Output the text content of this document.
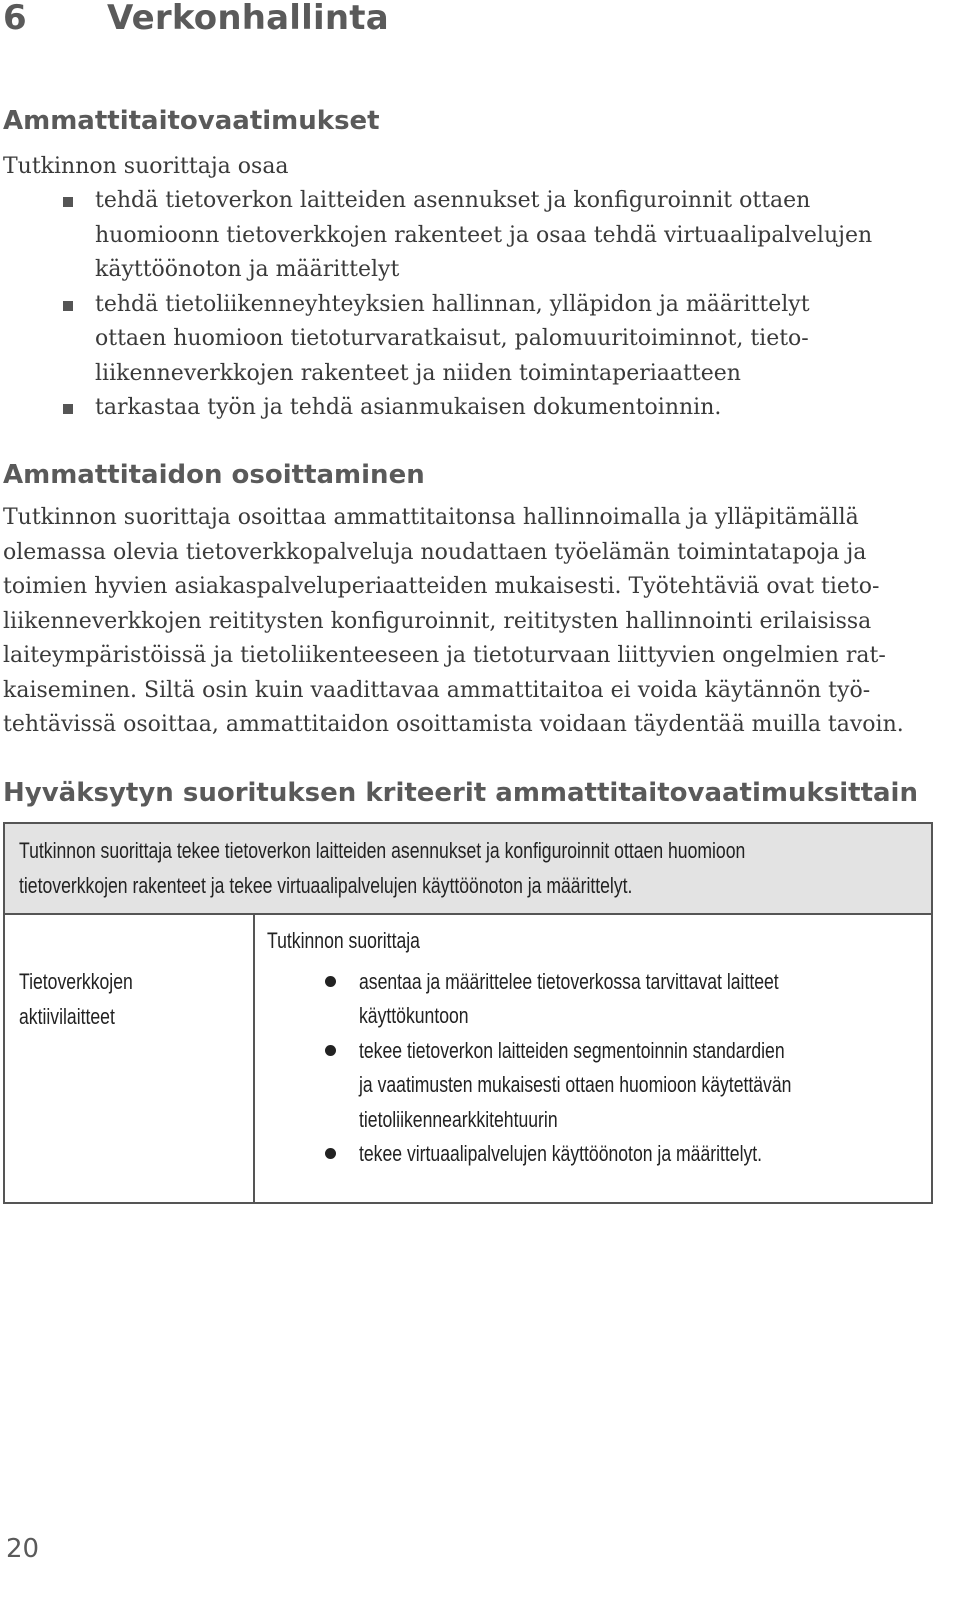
6 Verkonhallinta
Ammattitaitovaatimukset

Tutkinnon suorittaja osaa

tehdä tietoverkon laitteiden asennukset ja konfiguroinnit ottaen
huomioonn tietoverkkojen rakenteet ja osaa tehdä virtuaalipalvelujen
käyttöönoton ja määrittelyt
tehdä tietoliikenneyhteyksien hallinnan, ylläpidon ja määrittelyt
ottaen huomioon tietoturvaratkaisut, palomuuritoiminnot, tieto-
liikenneverkkojen rakenteet ja niiden toimintaperiaatteen
tarkastaa työn ja tehdä asianmukaisen dokumentoinnin.
Ammattitaidon osoittaminen

Tutkinnon suorittaja osoittaa ammattitaitonsa hallinnoimalla ja ylläpitämällä
olemassa olevia tietoverkkopalveluja noudattaen työelämän toimintatapoja ja
toimien hyvien asiakaspalveluperiaatteiden mukaisesti. Työtehtäviä ovat tieto-
liikenneverkkojen reititysten konfiguroinnit, reititysten hallinnointi erilaisissa
laiteympäristöissä ja tietoliikenteeseen ja tietoturvaan liittyvien ongelmien rat-
kaiseminen. Siltä osin kuin vaadittavaa ammattitaitoa ei voida käytännön työ-
tehtävissä osoittaa, ammattitaidon osoittamista voidaan täydentää muilla tavoin.

Hyväksytyn suorituksen kriteerit ammattitaitovaatimuksittain
Tutkinnon suorittaja tekee tietoverkon laitteiden asennukset ja konfiguroinnit ottaen huomioon
tietoverkkojen rakenteet ja tekee virtuaalipalvelujen käyttöönoton ja määrittelyt.
Tietoverkkojen
aktiivilaitteet
Tutkinnon suorittaja
asentaa ja määrittelee tietoverkossa tarvittavat laitteet
käyttökuntoon
tekee tietoverkon laitteiden segmentoinnin standardien
ja vaatimusten mukaisesti ottaen huomioon käytettävän
tietoliikennearkkitehtuurin
tekee virtuaalipalvelujen käyttöönoton ja määrittelyt.
20
